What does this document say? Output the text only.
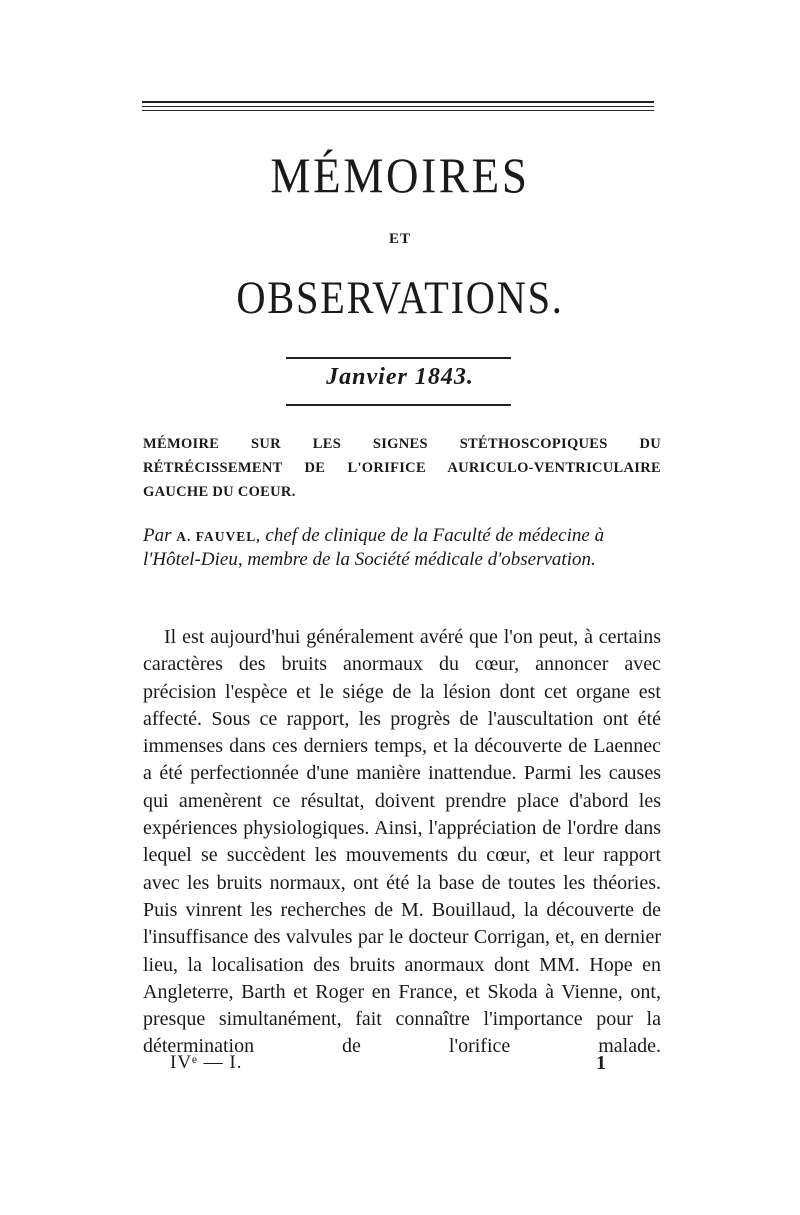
MÉMOIRES
ET
OBSERVATIONS.
Janvier 1843.
MÉMOIRE SUR LES SIGNES STÉTHOSCOPIQUES DU RÉTRÉCISSEMENT DE L'ORIFICE AURICULO-VENTRICULAIRE GAUCHE DU COEUR.
Par A. FAUVEL, chef de clinique de la Faculté de médecine à l'Hôtel-Dieu, membre de la Société médicale d'observation.

Il est aujourd'hui généralement avéré que l'on peut, à certains caractères des bruits anormaux du cœur, annoncer avec précision l'espèce et le siége de la lésion dont cet organe est affecté. Sous ce rapport, les progrès de l'auscultation ont été immenses dans ces derniers temps, et la découverte de Laennec a été perfectionnée d'une manière inattendue. Parmi les causes qui amenèrent ce résultat, doivent prendre place d'abord les expériences physiologiques. Ainsi, l'appréciation de l'ordre dans lequel se succèdent les mouvements du cœur, et leur rapport avec les bruits normaux, ont été la base de toutes les théories. Puis vinrent les recherches de M. Bouillaud, la découverte de l'insuffisance des valvules par le docteur Corrigan, et, en dernier lieu, la localisation des bruits anormaux dont MM. Hope en Angleterre, Barth et Roger en France, et Skoda à Vienne, ont, presque simultanément, fait connaître l'importance pour la détermination de l'orifice malade.

IVᵉ — I.	1
